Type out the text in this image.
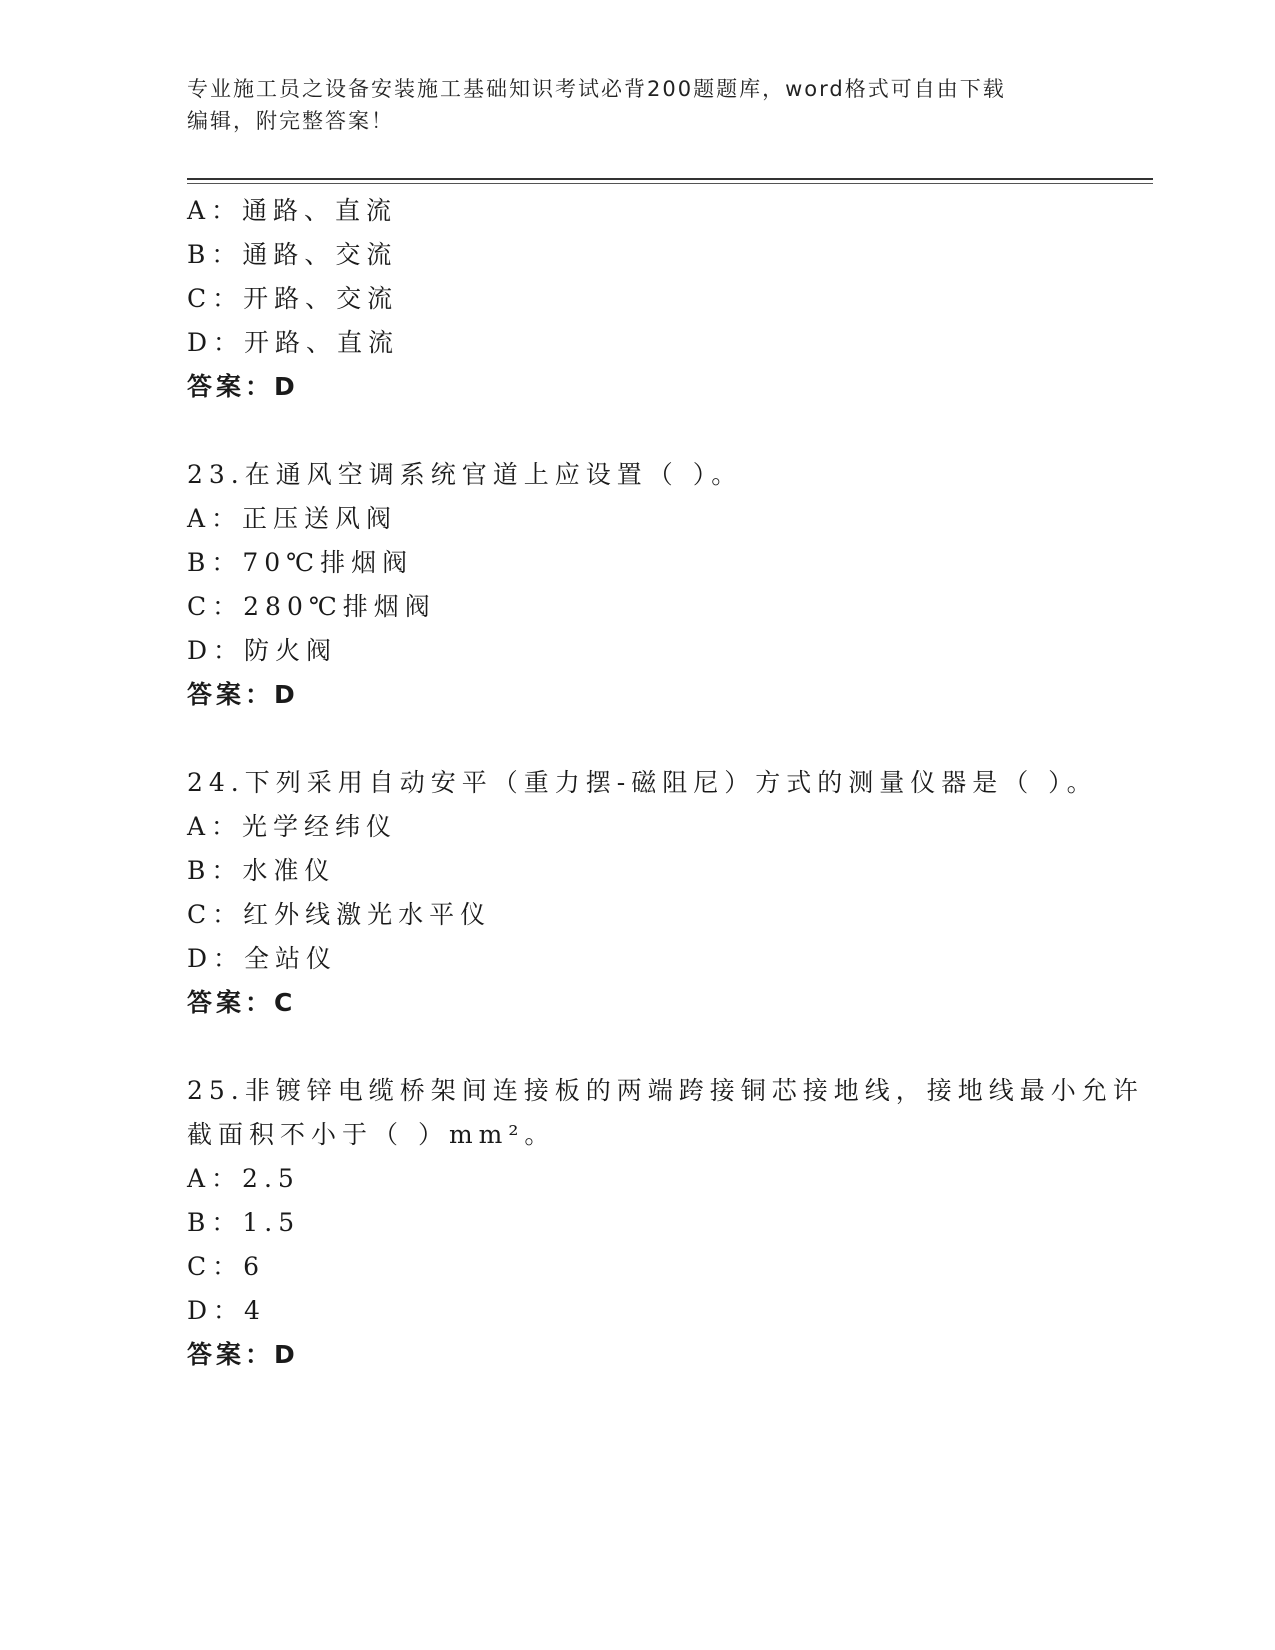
专业施工员之设备安装施工基础知识考试必背200题题库，word格式可自由下载
编辑，附完整答案！
A：通路、直流
B：通路、交流
C：开路、交流
D：开路、直流
答案：D
23.在通风空调系统官道上应设置（ ）。
A：正压送风阀
B：70℃排烟阀
C：280℃排烟阀
D：防火阀
答案：D
24.下列采用自动安平（重力摆-磁阻尼）方式的测量仪器是（ ）。
A：光学经纬仪
B：水准仪
C：红外线激光水平仪
D：全站仪
答案：C
25.非镀锌电缆桥架间连接板的两端跨接铜芯接地线，接地线最小允许
截面积不小于（ ）mm²。
A：2.5
B：1.5
C：6
D：4
答案：D
